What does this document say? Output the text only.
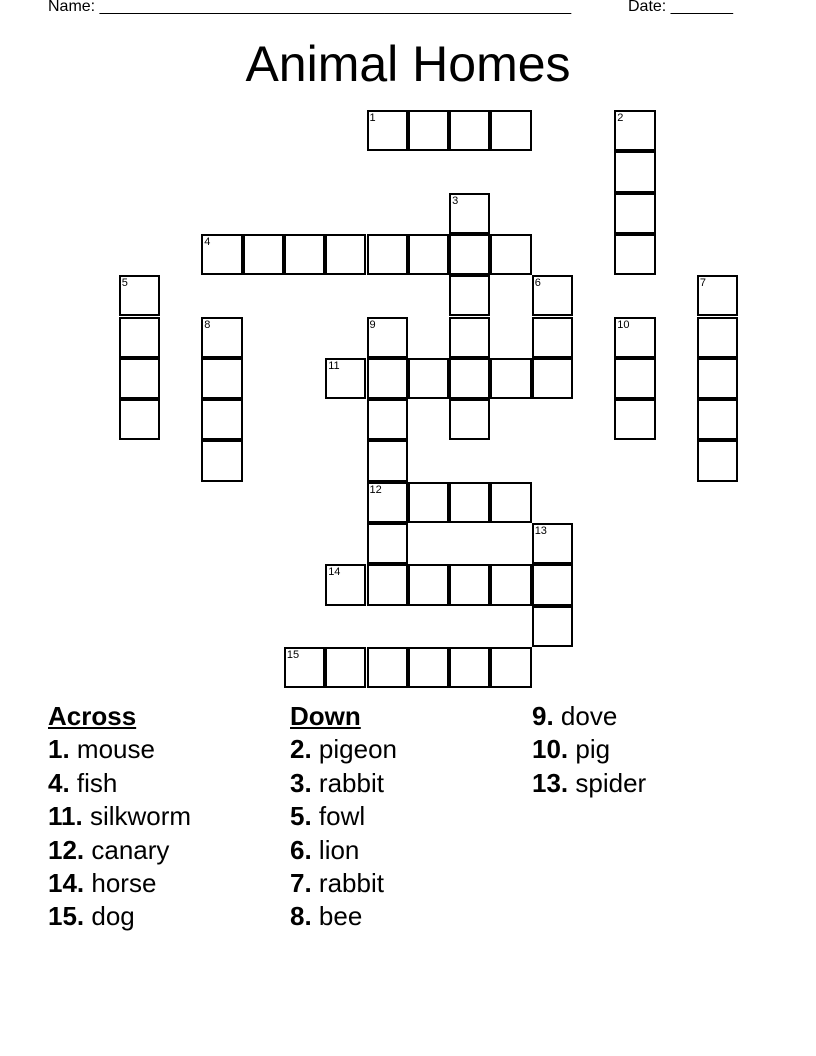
Name: _____________________________________________________	Date: _______
Animal Homes
1	2
3
4
5	6	7
8	9
12
10
11
13
14
15
Across
1. mouse
4. fish
11. silkworm
12. canary
14. horse
15. dog
Down
2. pigeon
3. rabbit
5. fowl
6. lion
7. rabbit
8. bee
9. dove
10. pig
13. spider
